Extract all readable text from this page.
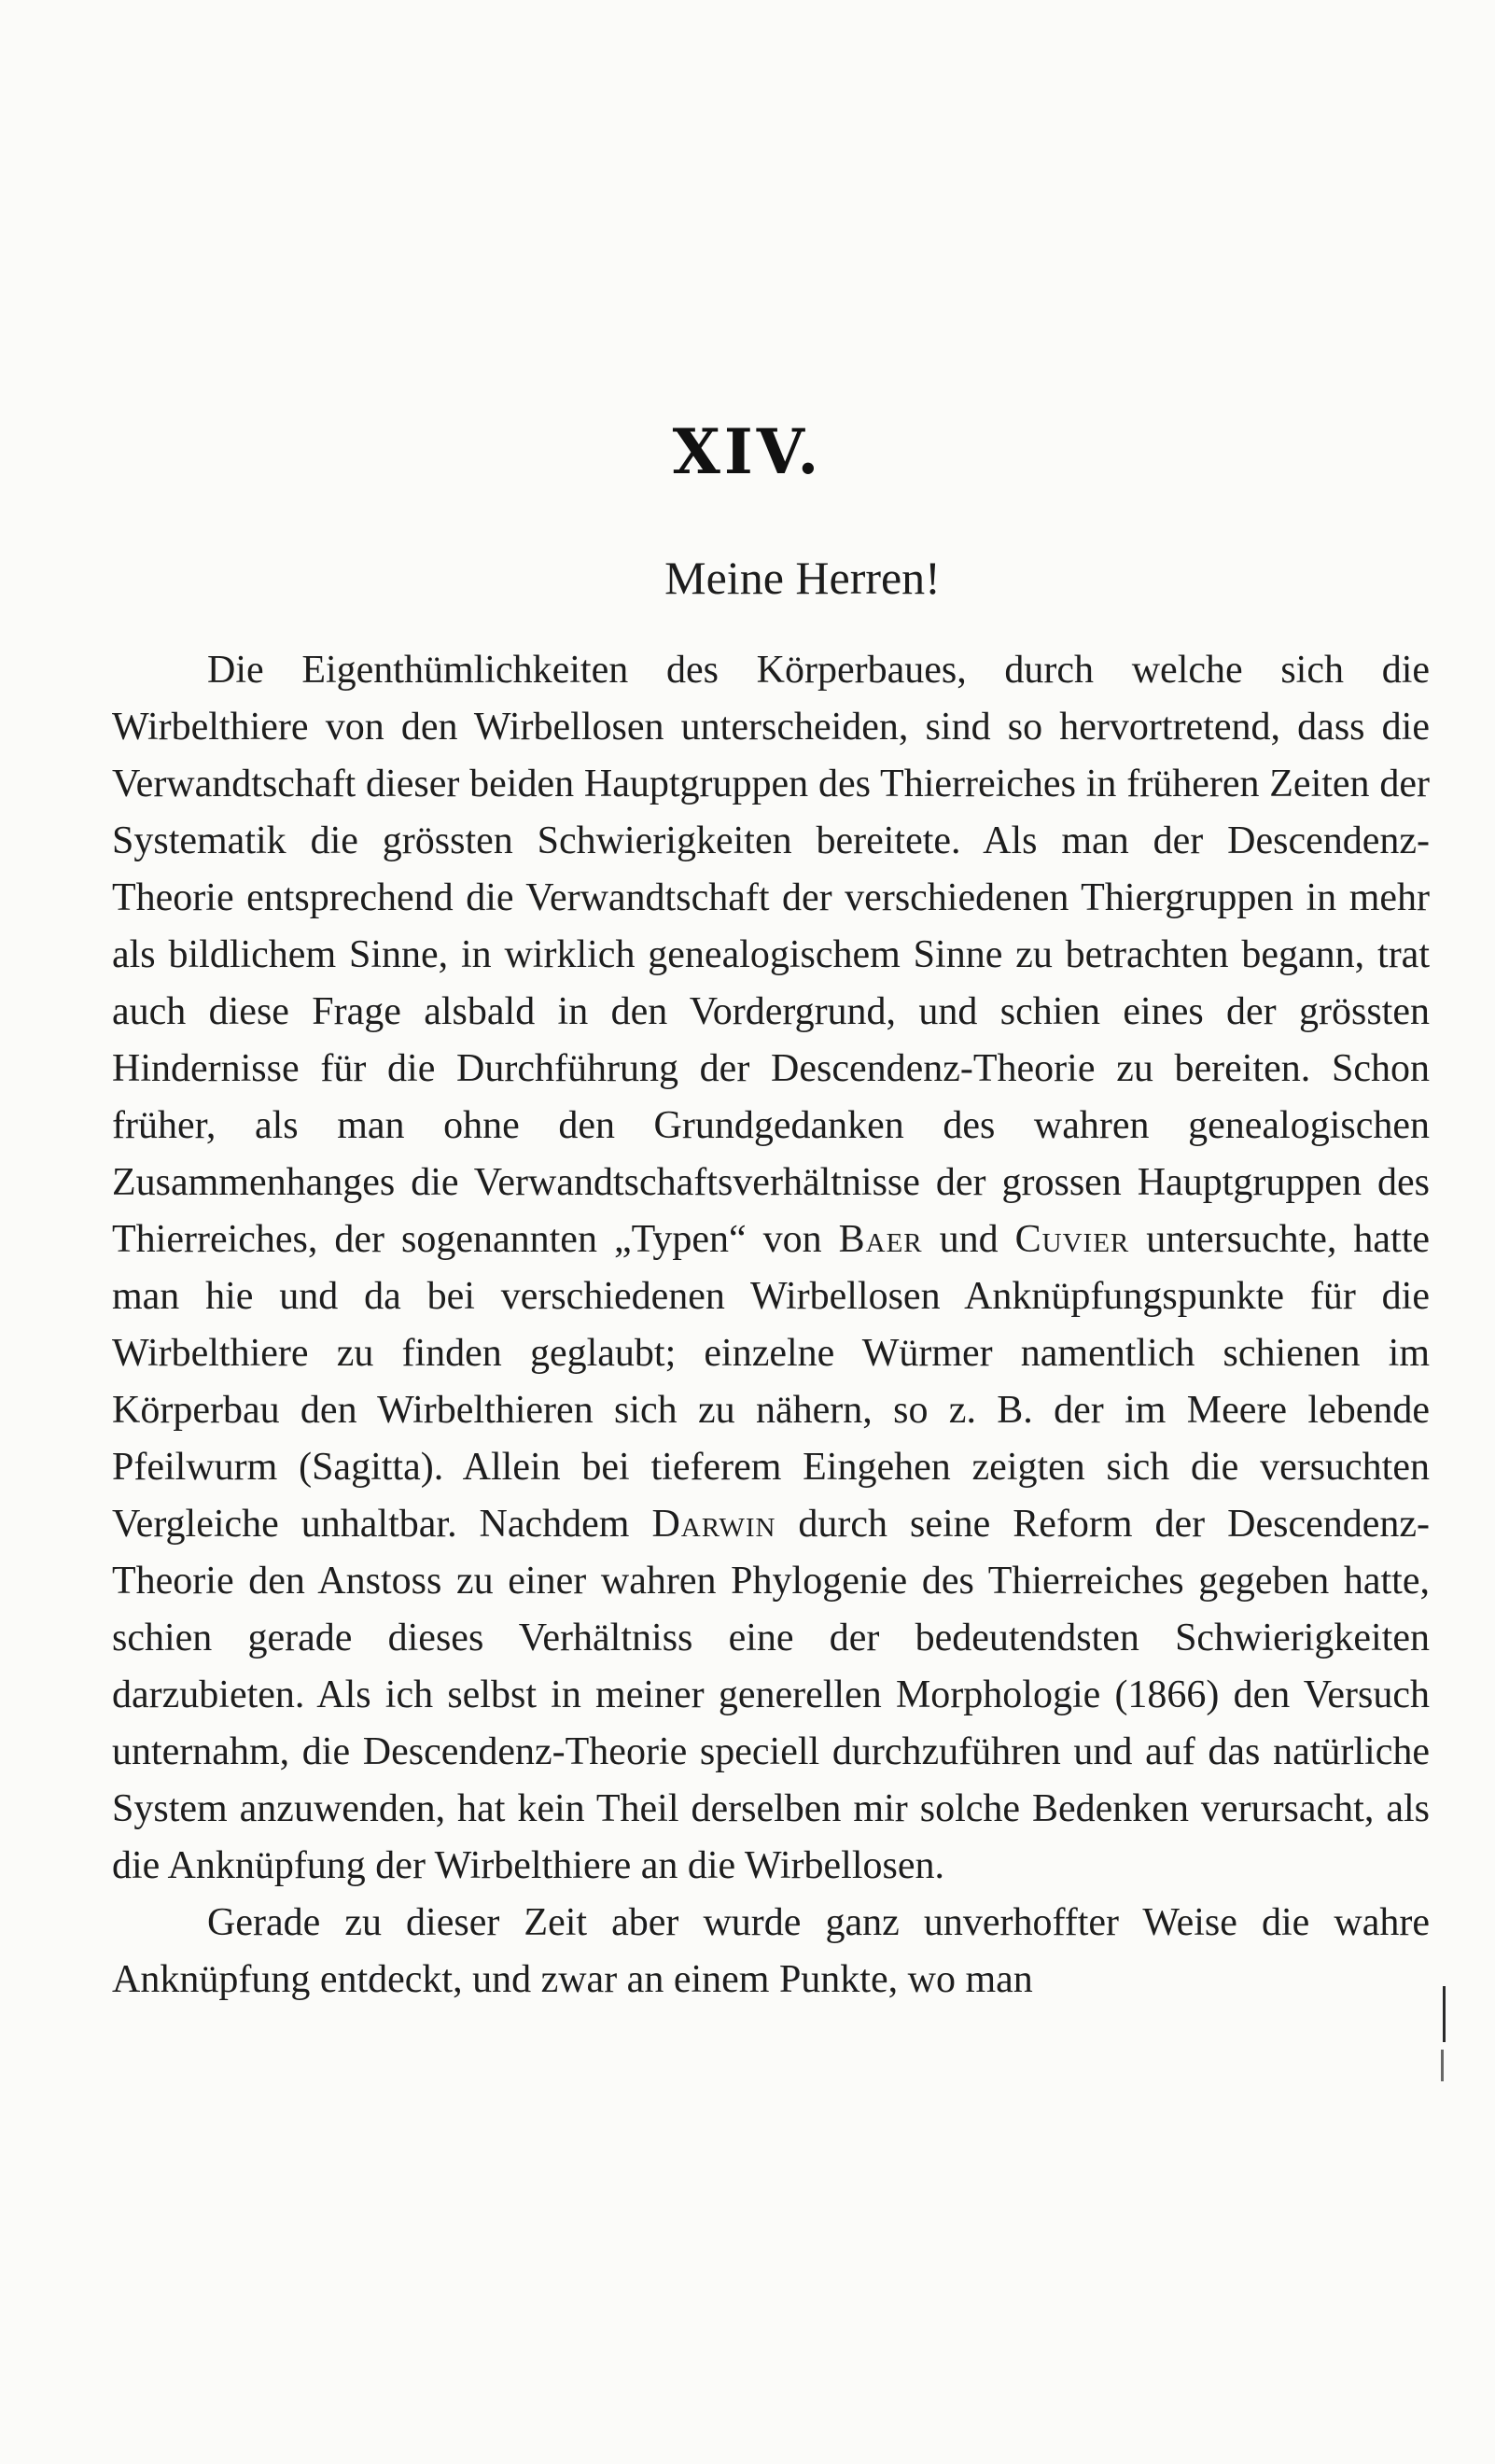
XIV.
Meine Herren!

Die Eigenthümlichkeiten des Körperbaues, durch welche sich die Wirbelthiere von den Wirbellosen unterscheiden, sind so hervortretend, dass die Verwandtschaft dieser beiden Hauptgruppen des Thierreiches in früheren Zeiten der Systematik die grössten Schwierigkeiten bereitete. Als man der Descendenz-Theorie entsprechend die Verwandtschaft der verschiedenen Thiergruppen in mehr als bildlichem Sinne, in wirklich genealogischem Sinne zu betrachten begann, trat auch diese Frage alsbald in den Vordergrund, und schien eines der grössten Hindernisse für die Durchführung der Descendenz-Theorie zu bereiten. Schon früher, als man ohne den Grundgedanken des wahren genealogischen Zusammenhanges die Verwandtschaftsverhältnisse der grossen Hauptgruppen des Thierreiches, der sogenannten „Typen“ von Baer und Cuvier untersuchte, hatte man hie und da bei verschiedenen Wirbellosen Anknüpfungspunkte für die Wirbelthiere zu finden geglaubt; einzelne Würmer namentlich schienen im Körperbau den Wirbelthieren sich zu nähern, so z. B. der im Meere lebende Pfeilwurm (Sagitta). Allein bei tieferem Eingehen zeigten sich die versuchten Vergleiche unhaltbar. Nachdem Darwin durch seine Reform der Descendenz-Theorie den Anstoss zu einer wahren Phylogenie des Thierreiches gegeben hatte, schien gerade dieses Verhältniss eine der bedeutendsten Schwierigkeiten darzubieten. Als ich selbst in meiner generellen Morphologie (1866) den Versuch unternahm, die Descendenz-Theorie speciell durchzuführen und auf das natürliche System anzuwenden, hat kein Theil derselben mir solche Bedenken verursacht, als die Anknüpfung der Wirbelthiere an die Wirbellosen.

Gerade zu dieser Zeit aber wurde ganz unverhoffter Weise die wahre Anknüpfung entdeckt, und zwar an einem Punkte, wo man
